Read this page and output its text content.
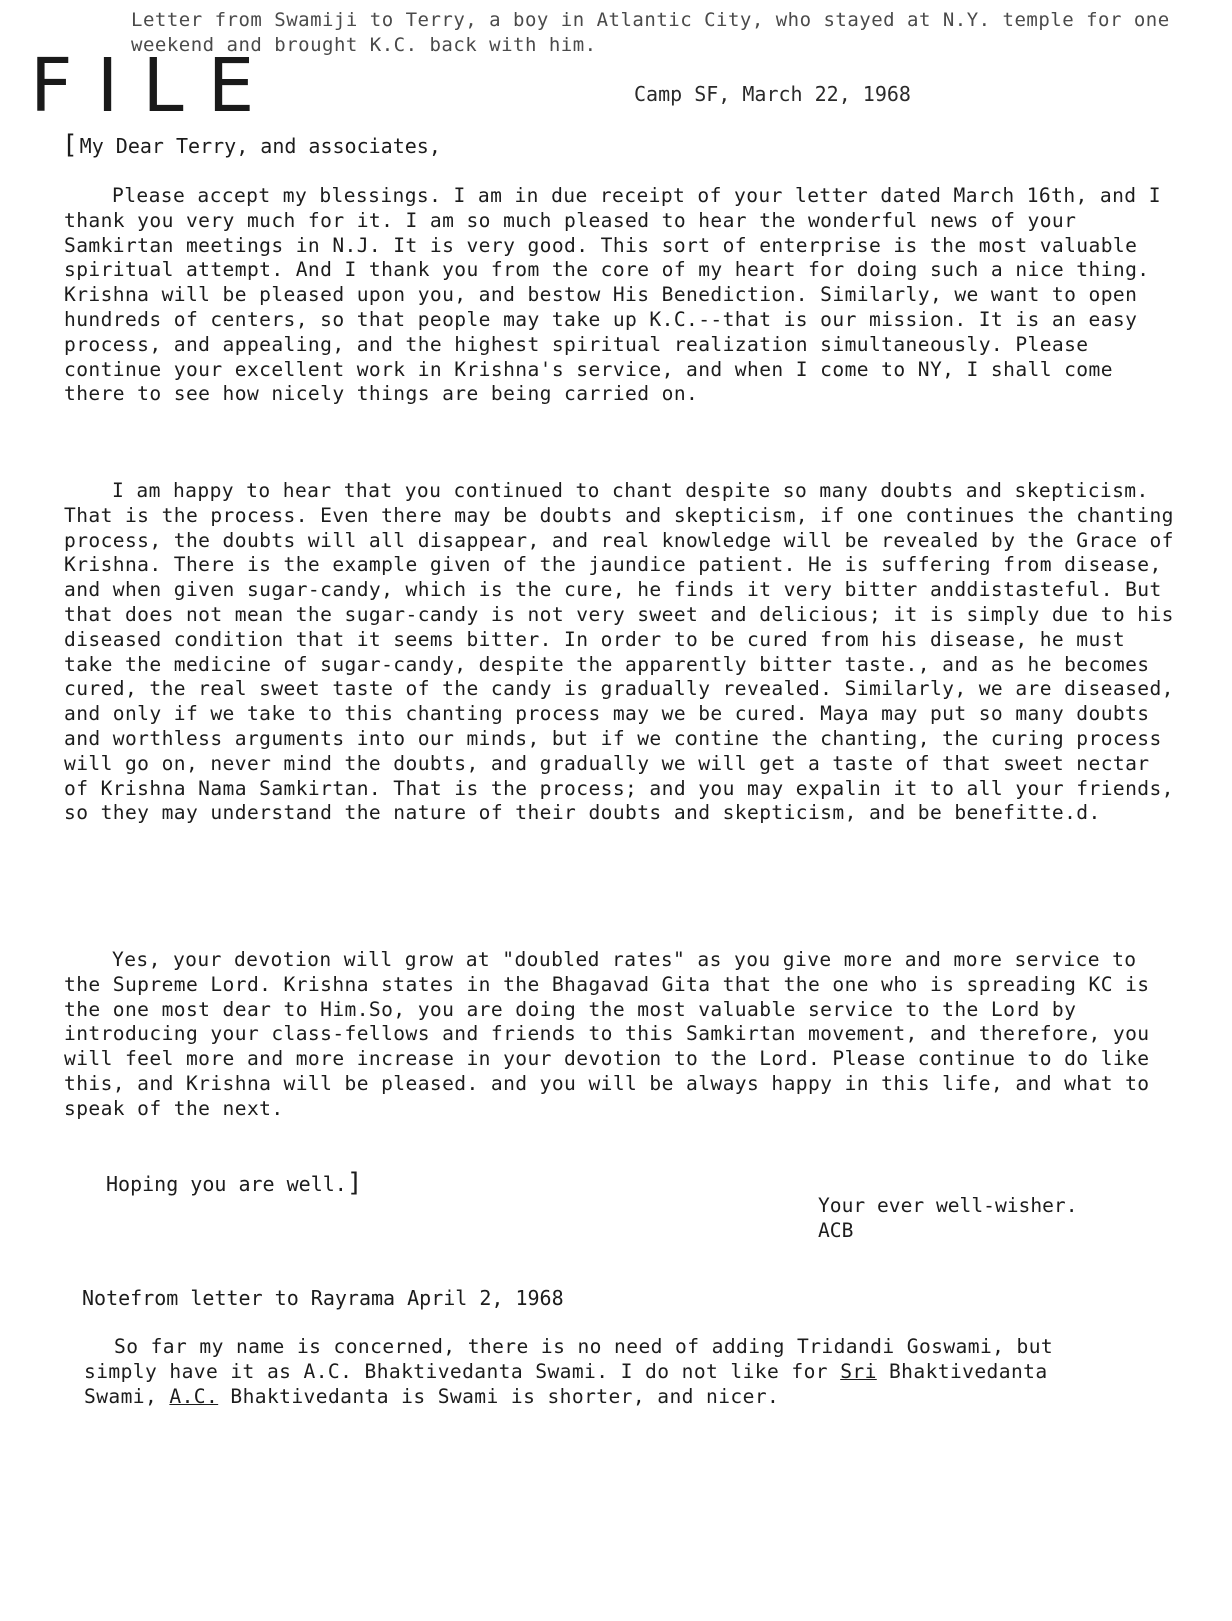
Letter from Swamiji to Terry, a boy in Atlantic City, who stayed at N.Y. temple for one weekend and brought K.C. back with him.
FILE	Camp SF, March 22, 1968
[ My Dear Terry, and associates,

Please accept my blessings. I am in due receipt of your letter dated March 16th, and I thank you very much for it. I am so much pleased to hear the wonderful news of your Samkirtan meetings in N.J. It is very good. This sort of enterprise is the most valuable spiritual attempt. And I thank you from the core of my heart for doing such a nice thing. Krishna will be pleased upon you, and bestow His Benediction. Similarly, we want to open hundreds of centers, so that people may take up K.C.--that is our mission. It is an easy process, and appealing, and the highest spiritual realization simultaneously. Please continue your excellent work in Krishna's service, and when I come to NY, I shall come there to see how nicely things are being carried on.

I am happy to hear that you continued to chant despite so many doubts and skepticism. That is the process. Even there may be doubts and skepticism, if one continues the chanting process, the doubts will all disappear, and real knowledge will be revealed by the Grace of Krishna. There is the example given of the jaundice patient. He is suffering from disease, and when given sugar-candy, which is the cure, he finds it very bitter anddistasteful. But that does not mean the sugar-candy is not very sweet and delicious; it is simply due to his diseased condition that it seems bitter. In order to be cured from his disease, he must take the medicine of sugar-candy, despite the apparently bitter taste., and as he becomes cured, the real sweet taste of the candy is gradually revealed. Similarly, we are diseased, and only if we take to this chanting process may we be cured. Maya may put so many doubts and worthless arguments into our minds, but if we contine the chanting, the curing process will go on, never mind the doubts, and gradually we will get a taste of that sweet nectar of Krishna Nama Samkirtan. That is the process; and you may expalin it to all your friends, so they may understand the nature of their doubts and skepticism, and be benefitte.d.

Yes, your devotion will grow at "doubled rates" as you give more and more service to the Supreme Lord. Krishna states in the Bhagavad Gita that the one who is spreading KC is the one most dear to Him.So, you are doing the most valuable service to the Lord by introducing your class-fellows and friends to this Samkirtan movement, and therefore, you will feel more and more increase in your devotion to the Lord. Please continue to do like this, and Krishna will be pleased. and you will be always happy in this life, and what to speak of the next.

Hoping you are well.]
Your ever well-wisher.
ACB
Notefrom letter to Rayrama April 2, 1968

So far my name is concerned, there is no need of adding Tridandi Goswami, but simply have it as A.C. Bhaktivedanta Swami. I do not like for Sri Bhaktivedanta Swami, A.C. Bhaktivedanta is Swami is shorter, and nicer.
